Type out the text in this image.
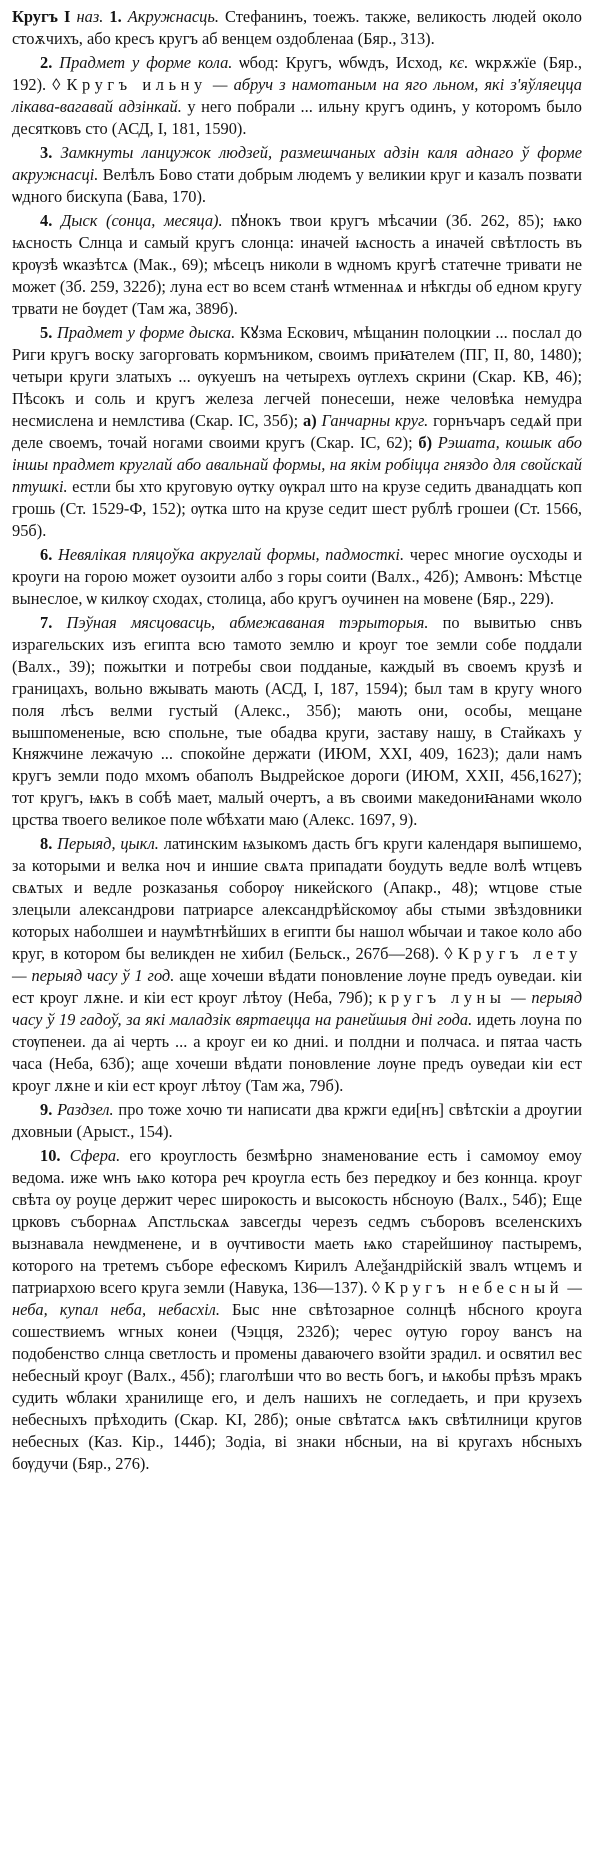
Кругъ I наз. 1. Акружнасць. Стефанинъ, тоежъ. также, великость людей около стоѫчихъ, або кресъ кругъ аб венцем оздобленаа (Бяр., 313).

2. Прадмет у форме кола. ѡбод: Кругъ, ѡбѡдъ, Исход, кє. ѡкрѫжїе (Бяр., 192). ◊ Кругъ ильну — абруч з намотаным на яго льном, які з'яўляецца лікава-вагавай адзінкай. у него побрали ... ильну кругъ одинъ, у которомъ было десятковъ сто (АСД, I, 181, 1590).

3. Замкнуты ланцужок людзей, размешчаных адзін каля аднаго ў форме акружнасці. Велѣлъ Бово стати добрым людемъ у великии круг и казалъ позвати ѡдного бискупа (Бава, 170).

4. Дыск (сонца, месяца). пꙋнокъ твои кругъ мѣсачии (Зб. 262, 85); ѩко ѩсность Слнца и самый кругъ слонца: иначей ѩсность а иначей свѣтлость въ крѹзѣ ѡказѣтсѧ (Мак., 69); мѣсецъ николи в ѡдномъ кругѣ статечне тривати не может (Зб. 259, 322б); луна ест во всем станѣ ѡтменнаѧ и нѣкгды об едном кругу трвати не бѹдет (Там жа, 389б).

5. Прадмет у форме дыска. Кꙋзма Ескович, мѣщанин полоцкии ... послал до Риги кругъ воску загорговать кормъником, своимъ приꙗтелем (ПГ, II, 80, 1480); четыри круги златыхъ ... ѹкуешъ на четырехъ ѹглехъ скрини (Скар. КВ, 46); Пѣсокъ и соль и кругъ железа легчей понесеши, неже человѣка немудра несмислена и немлстива (Скар. IC, 35б); а) Ганчарны круг. горнъчаръ седѧй при деле своемъ, точай ногами своими кругъ (Скар. IC, 62); б) Рэшата, кошык або іншы прадмет круглай або авальнай формы, на якім робіцца гняздо для свойскай птушкі. естли бы хто круговую ѹтку ѹкрал што на крузе седить дванадцать коп грошь (Ст. 1529-Ф, 152); ѹтка што на крузе седит шест рублѣ грошеи (Ст. 1566, 95б).

6. Невялікая пляцоўка акруглай формы, падмосткі. черес многие оусходы и кроуги на горою может оузоити албо з горы соити (Валх., 42б); Амвонъ: Мѣстце вынеслое, ѡ килкѹ сходах, столица, або кругъ оучинен на мовене (Бяр., 229).

7. Пэўная мясцовасць, абмежаваная тэрыторыя. по вывитью снвъ израгельских изъ египта всю тамото землю и кроуг тое земли собе поддали (Валх., 39); пожытки и потребы свои подданые, каждый въ своемъ крузѣ и границахъ, вольно вжывать мають (АСД, I, 187, 1594); был там в кругу ѡного поля лѣсъ велми густый (Алекс., 35б); мають они, особы, мещане вышпомененые, всю спольне, тые обадва круги, заставу нашу, в Стайкахъ у Княжчине лежачую ... спокойне держати (ИЮМ, XXI, 409, 1623); дали намъ кругъ земли подо мхомъ обаполъ Выдрейское дороги (ИЮМ, XXII, 456,1627); тот кругъ, ѩкъ в собѣ мает, малый очертъ, а въ своими македониꙗнами ѡколо црства твоего великое поле ѡбѣхати маю (Алекс. 1697, 9).

8. Перыяд, цыкл. латинским ѩзыкомъ дасть бгъ круги календаря выпишемо, за которыми и велка ноч и иншие свѧта припадати боудуть ведле волѣ ѡтцевъ свѧтых и ведле розказанья соборѹ никейского (Апакр., 48); ѡтцове стые злецыли александрови патриарсе александрѣйскомѹ абы стыми звѣздовники которых наболшеи и наумѣтнѣйших в египти бы нашол ѡбычаи и такое коло або круг, в котором бы великден не хибил (Бельск., 267б—268). ◊ Кругъ лету — перыяд часу ў 1 год. аще хочеши вѣдати поновление лѹне предъ оуведаи. кіи ест кроуг лѫне. и кіи ест кроуг лѣтоу (Неба, 79б); кругъ луны — перыяд часу ў 19 гадоў, за які маладзік вяртаецца на ранейшыя дні года. идеть лоуна по стѹпенеи. да аі черть ... а кроуг еи ко дниі. и полдни и полчаса. и пятаа часть часа (Неба, 63б); аще хочеши вѣдати поновление лѹне предъ оуведаи кіи ест кроуг лѫне и кіи ест кроуг лѣтоу (Там жа, 79б).

9. Раздзел. про тоже хочю ти написати два кржги еди[нъ] свѣтскіи а дроугии дховныи (Арыст., 154).

10. Сфера. его кроуглость безмѣрно знаменование есть і самомоу емоу ведома. иже ѡнъ ѩко котора реч кроугла есть без передкоу и без коннца. кроуг свѣта оу роуце держит черес широкость и высокость нбсноую (Валх., 54б); Еще црковъ съборнаѧ Апстльскаѧ завсегды черезъ седмъ съборовъ вселенскихъ вызнавала неѡдменене, и в ѹчтивости маеть ѩко старейшинѹ пастыремъ, которого на третемъ съборе ефескомъ Кирилъ Алеѯандрійскій звалъ ѡтцемъ и патриархою всего круга земли (Навука, 136—137). ◊ Кругъ небесный — неба, купал неба, небасхіл. Быс нне свѣтозарное солнцѣ нбсного кроуга сошествиемъ ѡгных конеи (Чэцця, 232б); черес ѹтую гороу вансъ на подобенство слнца светлость и промены даваючего взойти зрадил. и освятил вес небесный кроуг (Валх., 45б); глаголѣши что во весть богъ, и ѩкобы прѣзъ мракъ судить ѡблаки хранилище его, и делъ нашихъ не согледаеть, и при крузехъ небесныхъ прѣходить (Скар. KI, 28б); оные свѣтатсѧ ѩкъ свѣтилници кругов небесных (Каз. Кір., 144б); Зодіа, ві знаки нбсныи, на ві кругахъ нбсныхъ бѹдучи (Бяр., 276).
